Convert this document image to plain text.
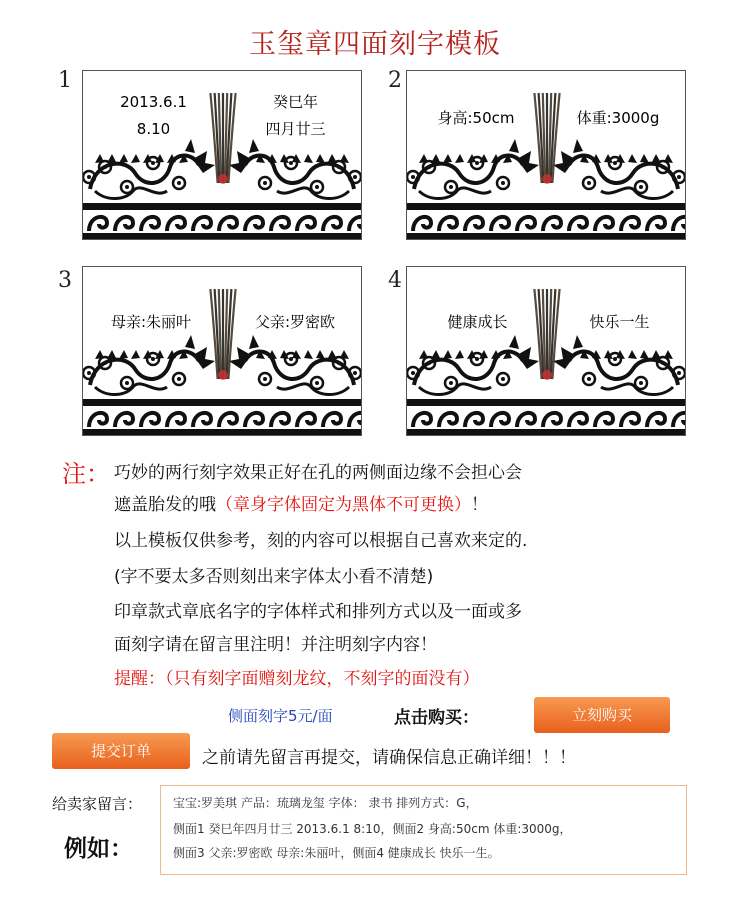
玉玺章四面刻字模板
1
2013.6.1
8.10
癸巳年
四月廿三
2
身高:50cm	体重:3000g
3
母亲:朱丽叶	父亲:罗密欧
4
健康成长	快乐一生
注： 巧妙的两行刻字效果正好在孔的两侧面边缘不会担心会
遮盖胎发的哦（章身字体固定为黑体不可更换）！
以上模板仅供参考，刻的内容可以根据自己喜欢来定的.
(字不要太多否则刻出来字体太小看不清楚)
印章款式章底名字的字体样式和排列方式以及一面或多
面刻字请在留言里注明！并注明刻字内容！
提醒：（只有刻字面赠刻龙纹，不刻字的面没有）
侧面刻字5元/面	点击购买：	立刻购买
提交订单	之前请先留言再提交，请确保信息正确详细！！！
给卖家留言：
例如：
宝宝:罗美琪 产品：琉璃龙玺 字体： 隶书 排列方式：G，
侧面1 癸巳年四月廿三 2013.6.1 8:10，侧面2 身高:50cm 体重:3000g，
侧面3 父亲:罗密欧 母亲:朱丽叶，侧面4 健康成长 快乐一生。
